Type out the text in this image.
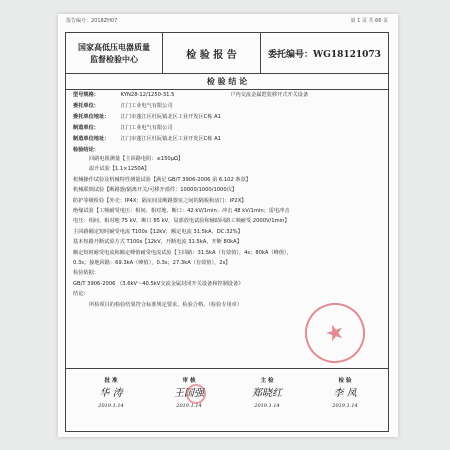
报告编号：2018ZH07	第 1 页 共 66 页
国家高低压电器质量
监督检验中心	检 验 报 告	委托编号：WG18121073
检 验 结 论
型号规格：	KYN28-12/1250-31.5	户内交流金属铠装移开式开关设备
委托单位：	江门工业电气有限公司
委托单位地址： 江门市蓬江区杜阮镇北区工业开发区C栋 A1
制造单位：	江门工业电气有限公司
制造单位地址： 江门市蓬江区杜阮镇北区工业开发区C栋 A1
检验结论：
回路电阻测量【主回路电阻：≤150μΩ】
温升试验【1.1×1250A】
机械操作试验及机械特性测量试验【满足 GB/T 3906-2006 第 6.102 条款】
机械联锁试验【断路器/隔离开关/可移开部件：10000/1000/1000次】
防护等级检验【外壳：IP4X；隔室间及断路器室之间的隔板和活门：IP2X】
绝缘试验【工频耐受电压：相间、相对地、断口：42 kV/1min；冲击 48 kV/1min；雷电冲击
电压：相间、相对地 75 kV，断口 85 kV，局部放电试验和辅助回路工频耐受 2000V/1min】
主回路额定短时耐受电流 T100s【12kV，额定电流 31.5kA，DC:32%】
基本短路开断试验方式 T100s【12kV，开断电流 31.5kA，开断 80kA】
额定短时耐受电流和额定峰值耐受电流试验【主回路：31.5kA（有效值），4s；80kA（峰值），
0.3s；接地回路：69.3kA（峰值），0.3s；27.3kA（有效值），2s】
检验依据：
GB/T 3906-2006 《3.6kV～40.5kV交流金属封闭开关设备和控制设备》
结论：
所检项目的检验结果符合标准规定要求，检验合格。（检验专用章）
批 准
华 涛
2019.1.14
审 核
王国强
2019.1.14
主 检
郑晓红
2019.1.14
检 验
李 凤
2019.1.14
★
